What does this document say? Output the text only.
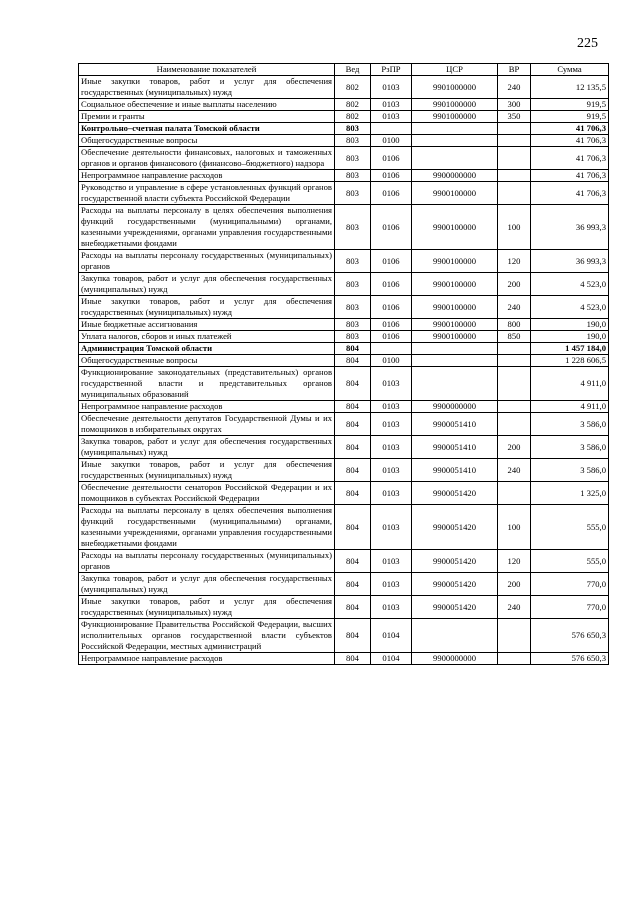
225
Наименование показателей	Вед	РзПР	ЦСР	ВР	Сумма
Иные закупки товаров, работ и услуг для обеспечения государственных (муниципальных) нужд	802	0103	9901000000	240	12 135,5
Социальное обеспечение и иные выплаты населению	802	0103	9901000000	300	919,5
Премии и гранты	802	0103	9901000000	350	919,5
Контрольно–счетная палата Томской области	803				41 706,3
Общегосударственные вопросы	803	0100			41 706,3
Обеспечение деятельности финансовых, налоговых и таможенных органов и органов финансового (финансово–бюджетного) надзора	803	0106			41 706,3
Непрограммное направление расходов	803	0106	9900000000		41 706,3
Руководство и управление в сфере установленных функций органов государственной власти субъекта Российской Федерации	803	0106	9900100000		41 706,3
Расходы на выплаты персоналу в целях обеспечения выполнения функций государственными (муниципальными) органами, казенными учреждениями, органами управления государственными внебюджетными фондами	803	0106	9900100000	100	36 993,3
Расходы на выплаты персоналу государственных (муниципальных) органов	803	0106	9900100000	120	36 993,3
Закупка товаров, работ и услуг для обеспечения государственных (муниципальных) нужд	803	0106	9900100000	200	4 523,0
Иные закупки товаров, работ и услуг для обеспечения государственных (муниципальных) нужд	803	0106	9900100000	240	4 523,0
Иные бюджетные ассигнования	803	0106	9900100000	800	190,0
Уплата налогов, сборов и иных платежей	803	0106	9900100000	850	190,0
Администрация Томской области	804				1 457 184,0
Общегосударственные вопросы	804	0100			1 228 606,5
Функционирование законодательных (представительных) органов государственной власти и представительных органов муниципальных образований	804	0103			4 911,0
Непрограммное направление расходов	804	0103	9900000000		4 911,0
Обеспечение деятельности депутатов Государственной Думы и их помощников в избирательных округах	804	0103	9900051410		3 586,0
Закупка товаров, работ и услуг для обеспечения государственных (муниципальных) нужд	804	0103	9900051410	200	3 586,0
Иные закупки товаров, работ и услуг для обеспечения государственных (муниципальных) нужд	804	0103	9900051410	240	3 586,0
Обеспечение деятельности сенаторов Российской Федерации и их помощников в субъектах Российской Федерации	804	0103	9900051420		1 325,0
Расходы на выплаты персоналу в целях обеспечения выполнения функций государственными (муниципальными) органами, казенными учреждениями, органами управления государственными внебюджетными фондами	804	0103	9900051420	100	555,0
Расходы на выплаты персоналу государственных (муниципальных) органов	804	0103	9900051420	120	555,0
Закупка товаров, работ и услуг для обеспечения государственных (муниципальных) нужд	804	0103	9900051420	200	770,0
Иные закупки товаров, работ и услуг для обеспечения государственных (муниципальных) нужд	804	0103	9900051420	240	770,0
Функционирование Правительства Российской Федерации, высших исполнительных органов государственной власти субъектов Российской Федерации, местных администраций	804	0104			576 650,3
Непрограммное направление расходов	804	0104	9900000000		576 650,3
